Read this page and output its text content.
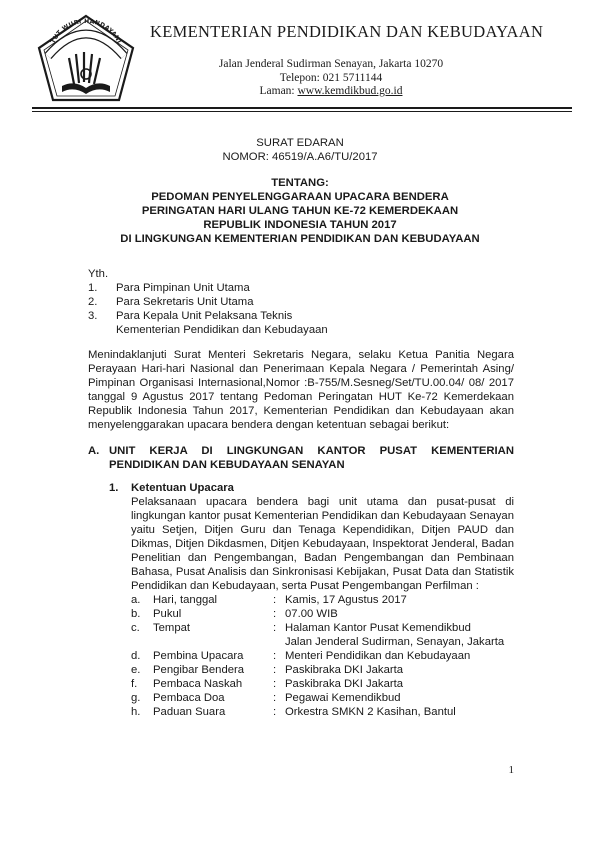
TUT WURI HANDAYANI
KEMENTERIAN PENDIDIKAN DAN KEBUDAYAAN
Jalan Jenderal Sudirman Senayan, Jakarta 10270
Telepon: 021 5711144
Laman: www.kemdikbud.go.id
SURAT EDARAN
NOMOR: 46519/A.A6/TU/2017
TENTANG:
PEDOMAN PENYELENGGARAAN UPACARA BENDERA
PERINGATAN HARI ULANG TAHUN KE-72 KEMERDEKAAN
REPUBLIK INDONESIA TAHUN 2017
DI LINGKUNGAN KEMENTERIAN PENDIDIKAN DAN KEBUDAYAAN
Yth.
1. Para Pimpinan Unit Utama
2. Para Sekretaris Unit Utama
3. Para Kepala Unit Pelaksana Teknis
Kementerian Pendidikan dan Kebudayaan
Menindaklanjuti Surat Menteri Sekretaris Negara, selaku Ketua Panitia Negara
Perayaan Hari-hari Nasional dan Penerimaan Kepala Negara / Pemerintah Asing/
Pimpinan Organisasi Internasional,Nomor :B-755/M.Sesneg/Set/TU.00.04/ 08/ 2017
tanggal 9 Agustus 2017 tentang Pedoman Peringatan HUT Ke-72 Kemerdekaan
Republik Indonesia Tahun 2017, Kementerian Pendidikan dan Kebudayaan akan
menyelenggarakan upacara bendera dengan ketentuan sebagai berikut:
A. UNIT KERJA DI LINGKUNGAN KANTOR PUSAT KEMENTERIAN
PENDIDIKAN DAN KEBUDAYAAN SENAYAN
1. Ketentuan Upacara
Pelaksanaan upacara bendera bagi unit utama dan pusat-pusat di
lingkungan kantor pusat Kementerian Pendidikan dan Kebudayaan Senayan
yaitu Setjen, Ditjen Guru dan Tenaga Kependidikan, Ditjen PAUD dan
Dikmas, Ditjen Dikdasmen, Ditjen Kebudayaan, Inspektorat Jenderal, Badan
Penelitian dan Pengembangan, Badan Pengembangan dan Pembinaan
Bahasa, Pusat Analisis dan Sinkronisasi Kebijakan, Pusat Data dan Statistik
Pendidikan dan Kebudayaan, serta Pusat Pengembangan Perfilman :
a. Hari, tanggal	: Kamis, 17 Agustus 2017
b. Pukul	: 07.00 WIB
c. Tempat	: Halaman Kantor Pusat Kemendikbud
Jalan Jenderal Sudirman, Senayan, Jakarta
d. Pembina Upacara	: Menteri Pendidikan dan Kebudayaan
e. Pengibar Bendera	: Paskibraka DKI Jakarta
f. Pembaca Naskah	: Paskibraka DKI Jakarta
g. Pembaca Doa	: Pegawai Kemendikbud
h. Paduan Suara	: Orkestra SMKN 2 Kasihan, Bantul
1
